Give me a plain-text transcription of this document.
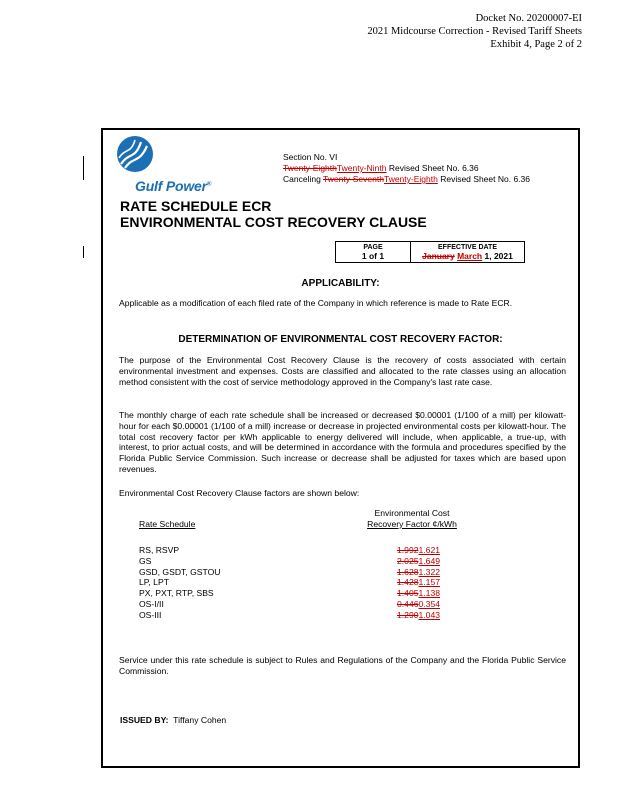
Docket No. 20200007-EI
2021 Midcourse Correction - Revised Tariff Sheets
Exhibit 4, Page 2 of 2
Gulf Power®
Section No. VI
Twenty-EighthTwenty-Ninth Revised Sheet No. 6.36
Canceling Twenty-SeventhTwenty-Eighth Revised Sheet No. 6.36
RATE SCHEDULE ECR
ENVIRONMENTAL COST RECOVERY CLAUSE
PAGE
1 of 1
EFFECTIVE DATE
January March 1, 2021
APPLICABILITY:
Applicable as a modification of each filed rate of the Company in which reference is made to Rate ECR.
DETERMINATION OF ENVIRONMENTAL COST RECOVERY FACTOR:
The purpose of the Environmental Cost Recovery Clause is the recovery of costs associated with certain environmental investment and expenses. Costs are classified and allocated to the rate classes using an allocation method consistent with the cost of service methodology approved in the Company's last rate case.
The monthly charge of each rate schedule shall be increased or decreased $0.00001 (1/100 of a mill) per kilowatt-hour for each $0.00001 (1/100 of a mill) increase or decrease in projected environmental costs per kilowatt-hour. The total cost recovery factor per kWh applicable to energy delivered will include, when applicable, a true-up, with interest, to prior actual costs, and will be determined in accordance with the formula and procedures specified by the Florida Public Service Commission. Such increase or decrease shall be adjusted for taxes which are based upon revenues.
Environmental Cost Recovery Clause factors are shown below:
Environmental Cost
Recovery Factor ¢/kWh
Rate Schedule
RS, RSVP	1.9921.621
GS	2.0251.649
GSD, GSDT, GSTOU	1.6281.322
LP, LPT	1.4281.157
PX, PXT, RTP, SBS	1.4051.138
OS-I/II	0.4460.354
OS-III	1.2901.043
Service under this rate schedule is subject to Rules and Regulations of the Company and the Florida Public Service Commission.
ISSUED BY: Tiffany Cohen
